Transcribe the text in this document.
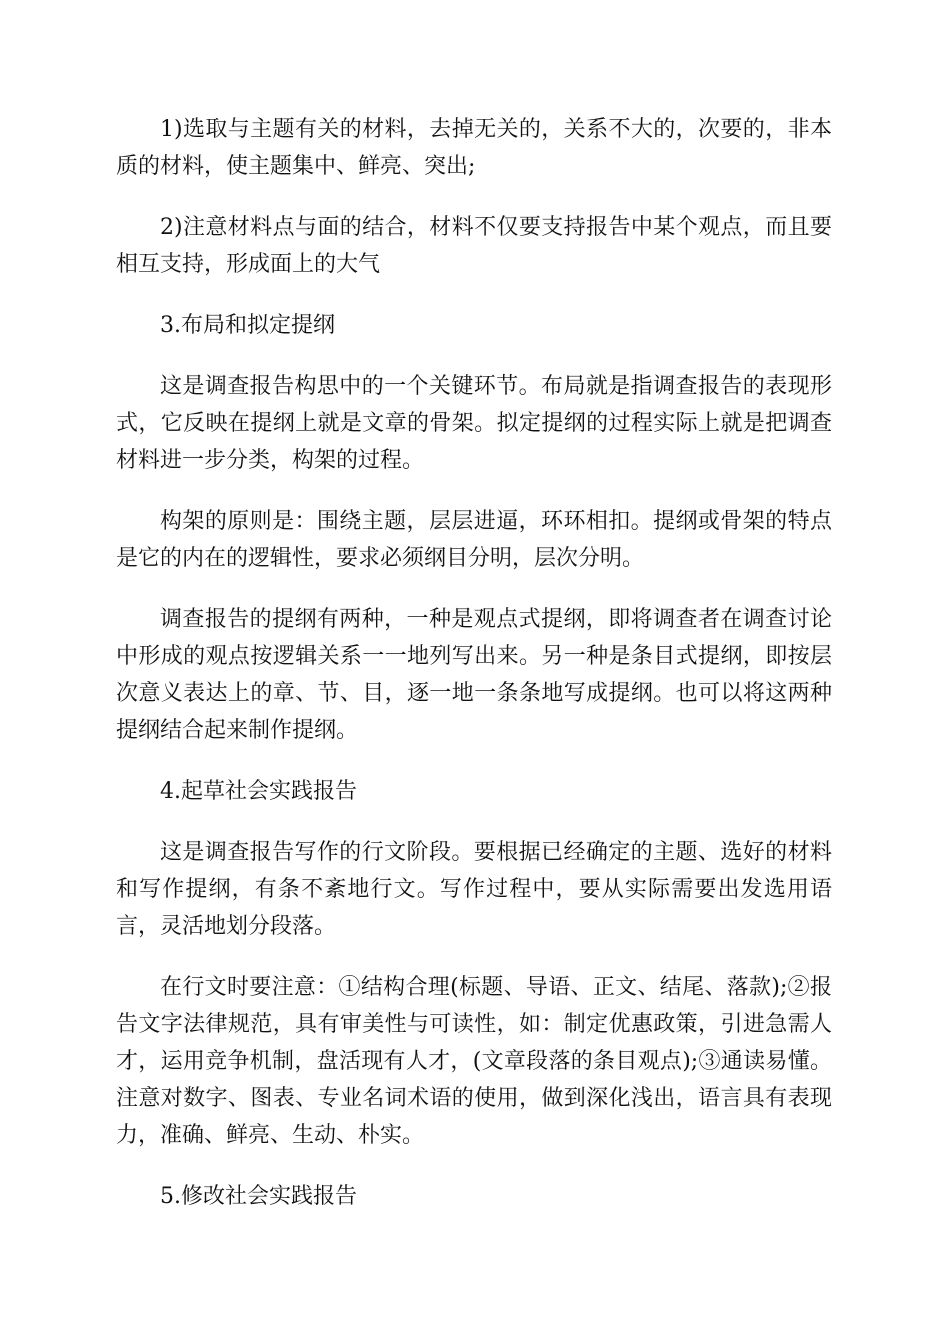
1)选取与主题有关的材料，去掉无关的，关系不大的，次要的，非本质的材料，使主题集中、鲜亮、突出;

2)注意材料点与面的结合，材料不仅要支持报告中某个观点，而且要相互支持，形成面上的大气

3.布局和拟定提纲

这是调查报告构思中的一个关键环节。布局就是指调查报告的表现形式，它反映在提纲上就是文章的骨架。拟定提纲的过程实际上就是把调查材料进一步分类，构架的过程。

构架的原则是：围绕主题，层层进逼，环环相扣。提纲或骨架的特点是它的内在的逻辑性，要求必须纲目分明，层次分明。

调查报告的提纲有两种，一种是观点式提纲，即将调查者在调查讨论中形成的观点按逻辑关系一一地列写出来。另一种是条目式提纲，即按层次意义表达上的章、节、目，逐一地一条条地写成提纲。也可以将这两种提纲结合起来制作提纲。

4.起草社会实践报告

这是调查报告写作的行文阶段。要根据已经确定的主题、选好的材料和写作提纲，有条不紊地行文。写作过程中，要从实际需要出发选用语言，灵活地划分段落。

在行文时要注意：①结构合理(标题、导语、正文、结尾、落款);②报告文字法律规范，具有审美性与可读性，如：制定优惠政策，引进急需人才，运用竞争机制，盘活现有人才，(文章段落的条目观点);③通读易懂。注意对数字、图表、专业名词术语的使用，做到深化浅出，语言具有表现力，准确、鲜亮、生动、朴实。

5.修改社会实践报告
